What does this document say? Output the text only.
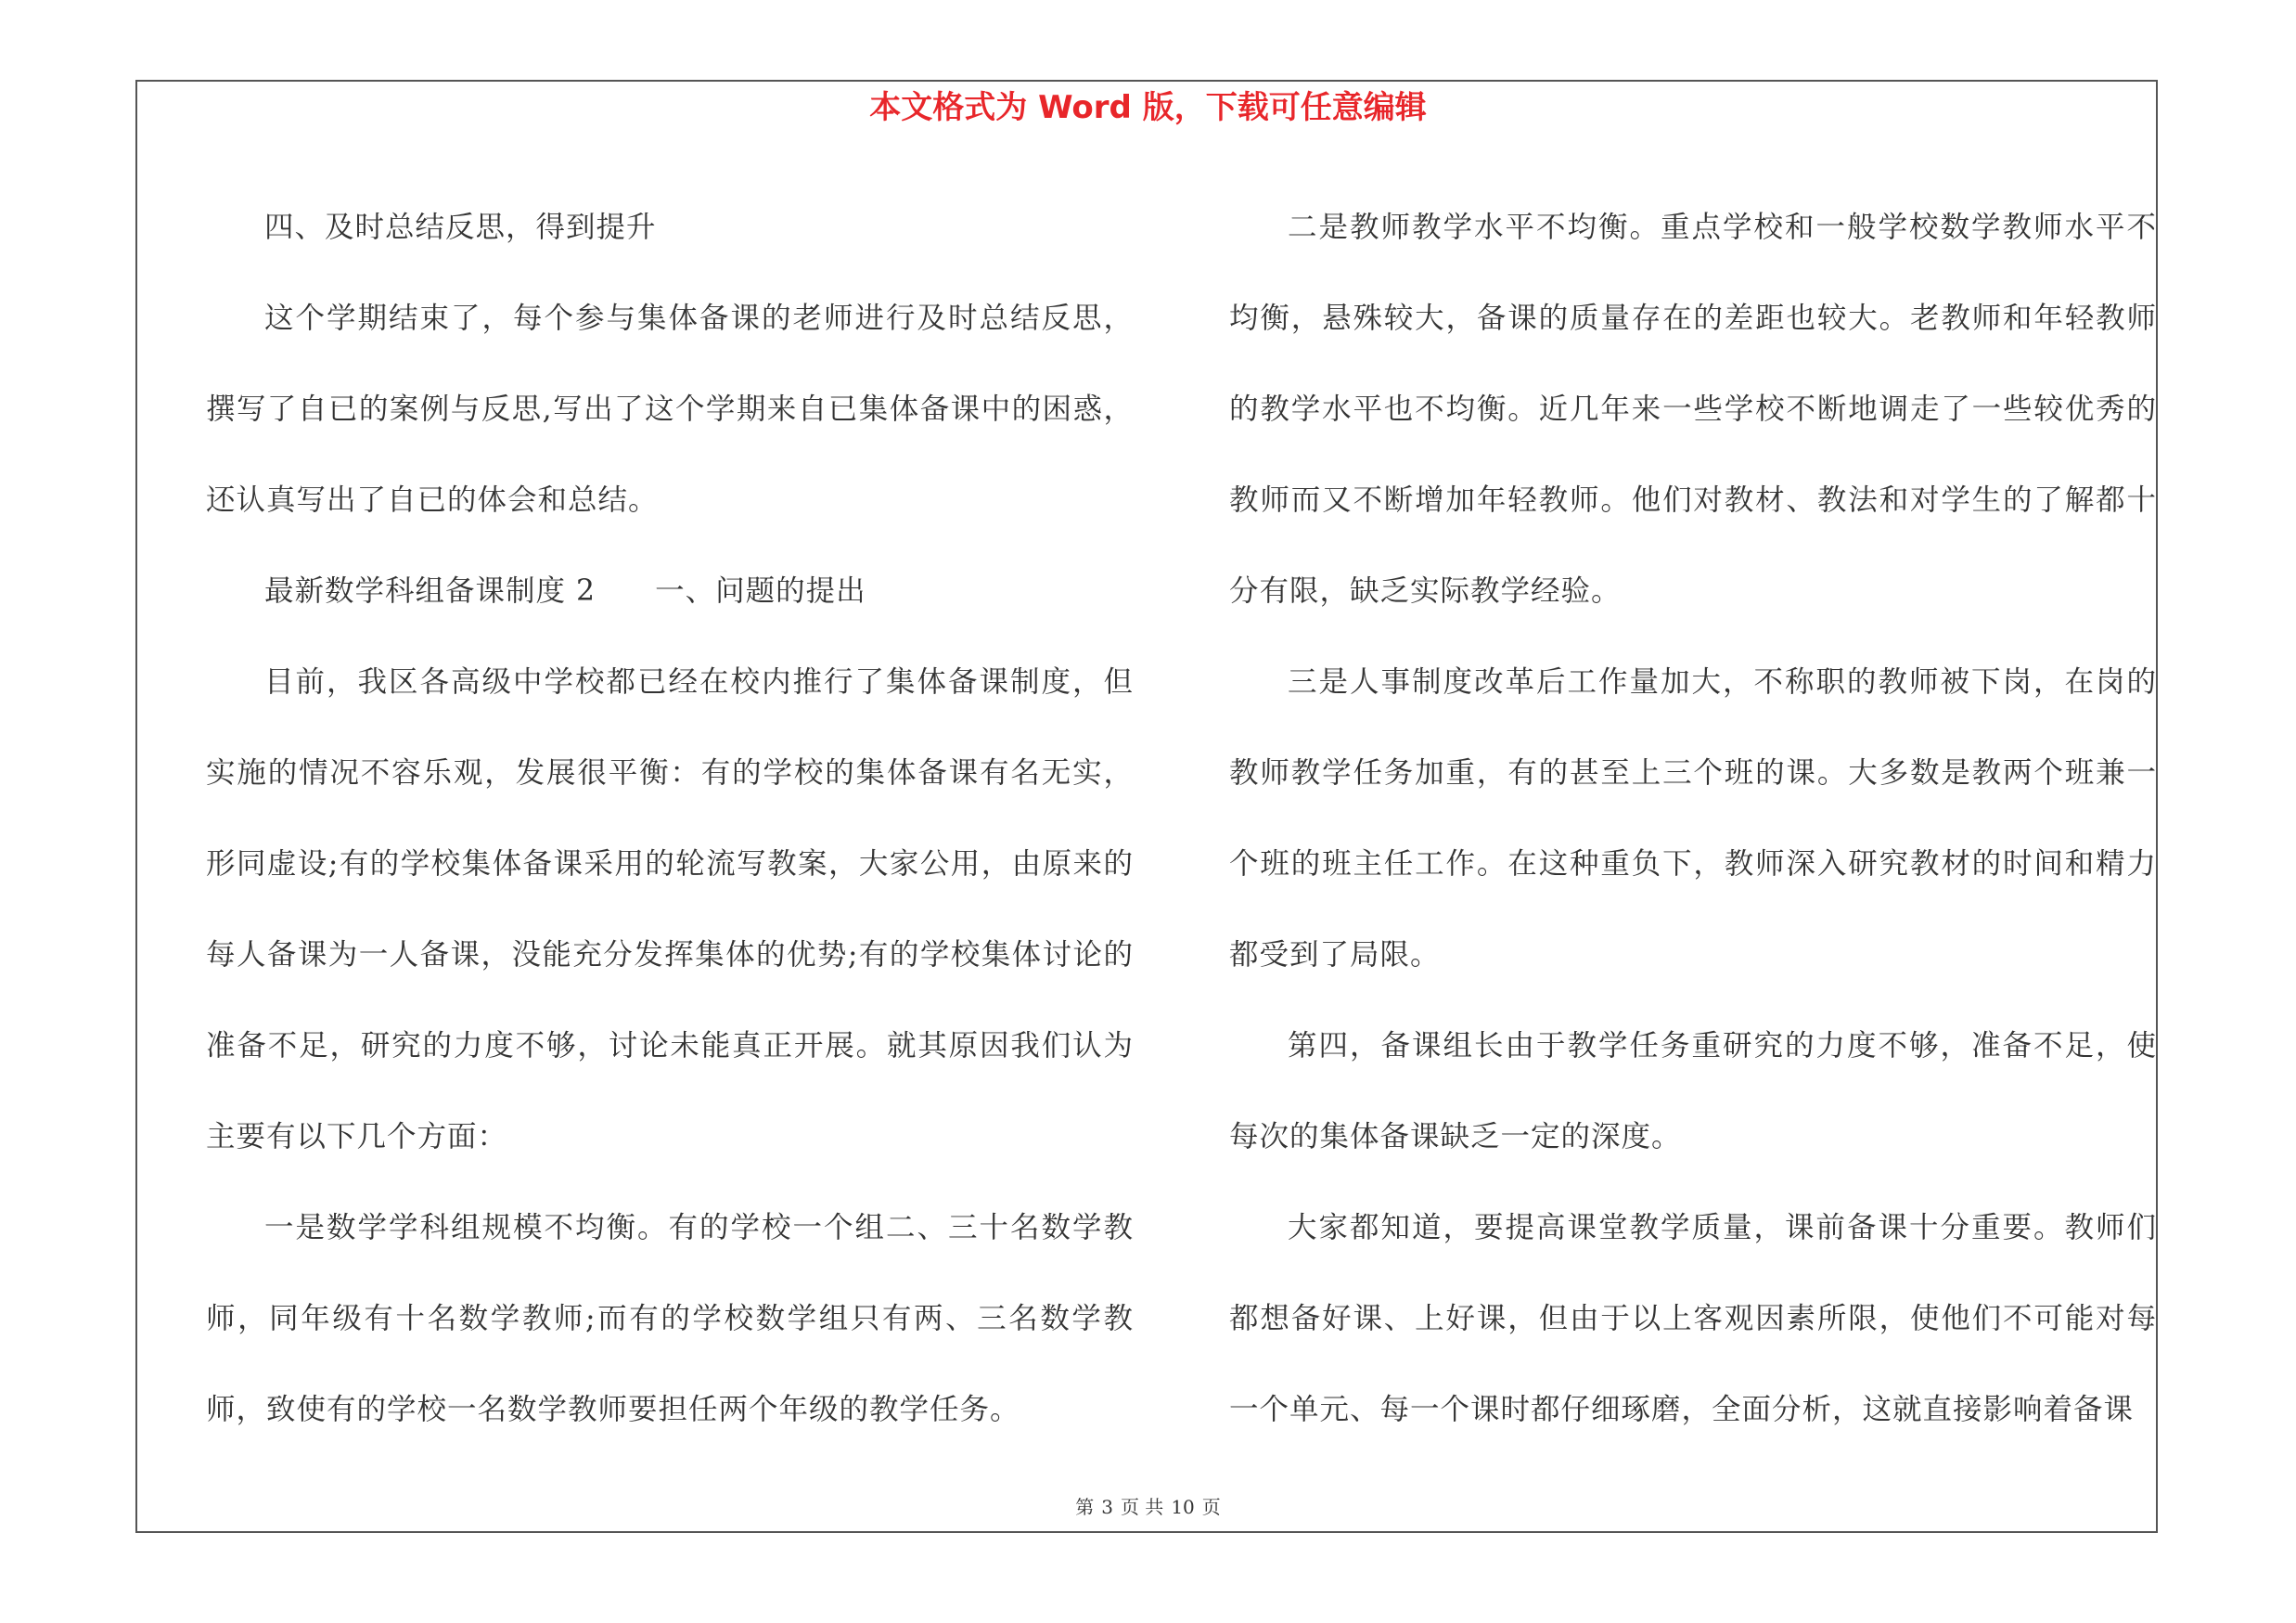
本文格式为 Word 版，下载可任意编辑

四、及时总结反思，得到提升

这个学期结束了，每个参与集体备课的老师进行及时总结反思，撰写了自已的案例与反思,写出了这个学期来自已集体备课中的困惑，还认真写出了自已的体会和总结。

最新数学科组备课制度 2 一、问题的提出

目前，我区各高级中学校都已经在校内推行了集体备课制度，但实施的情况不容乐观，发展很平衡：有的学校的集体备课有名无实，形同虚设;有的学校集体备课采用的轮流写教案，大家公用，由原来的每人备课为一人备课，没能充分发挥集体的优势;有的学校集体讨论的准备不足，研究的力度不够，讨论未能真正开展。就其原因我们认为主要有以下几个方面：

一是数学学科组规模不均衡。有的学校一个组二、三十名数学教师，同年级有十名数学教师;而有的学校数学组只有两、三名数学教师，致使有的学校一名数学教师要担任两个年级的教学任务。

二是教师教学水平不均衡。重点学校和一般学校数学教师水平不均衡，悬殊较大，备课的质量存在的差距也较大。老教师和年轻教师的教学水平也不均衡。近几年来一些学校不断地调走了一些较优秀的教师而又不断增加年轻教师。他们对教材、教法和对学生的了解都十分有限，缺乏实际教学经验。

三是人事制度改革后工作量加大，不称职的教师被下岗，在岗的教师教学任务加重，有的甚至上三个班的课。大多数是教两个班兼一个班的班主任工作。在这种重负下，教师深入研究教材的时间和精力都受到了局限。

第四，备课组长由于教学任务重研究的力度不够，准备不足，使每次的集体备课缺乏一定的深度。

大家都知道，要提高课堂教学质量，课前备课十分重要。教师们都想备好课、上好课，但由于以上客观因素所限，使他们不可能对每一个单元、每一个课时都仔细琢磨，全面分析，这就直接影响着备课

第 3 页 共 10 页
